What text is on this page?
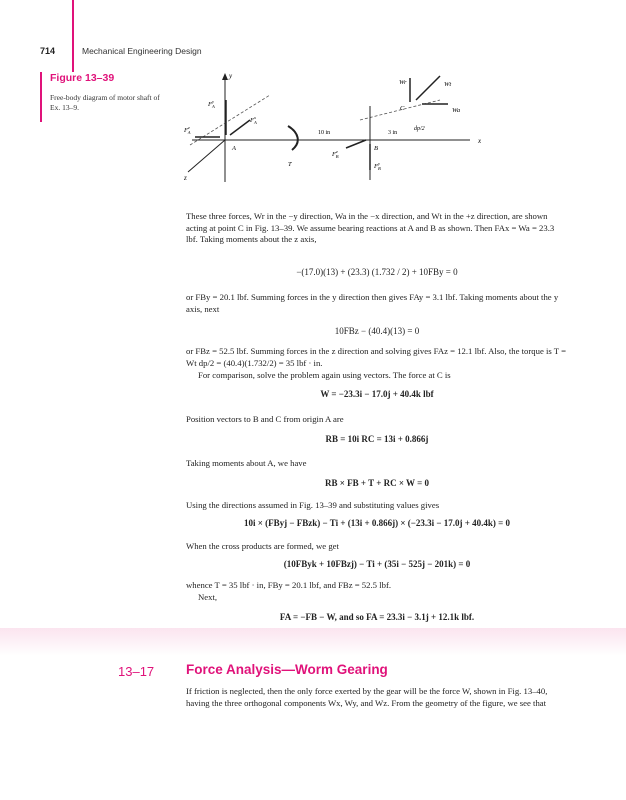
714	Mechanical Engineering Design
Figure 13–39
Free-body diagram of motor shaft of Ex. 13–9.
y
x
z
Wr	Wt
Wa
C
A	B
T
$F^y$ A
$F^x$ A
$F^z$ A
$F^z$ B
$F^y$ B
10 in	3 in
dp/2
These three forces, Wr in the −y direction, Wa in the −x direction, and Wt in the +z direction, are shown acting at point C in Fig. 13–39. We assume bearing reactions at A and B as shown. Then FAx = Wa = 23.3 lbf. Taking moments about the z axis,
−(17.0)(13) + (23.3) (1.732 / 2) + 10FBy = 0
or FBy = 20.1 lbf. Summing forces in the y direction then gives FAy = 3.1 lbf. Taking moments about the y axis, next
10FBz − (40.4)(13) = 0
or FBz = 52.5 lbf. Summing forces in the z direction and solving gives FAz = 12.1 lbf. Also, the torque is T = Wt dp/2 = (40.4)(1.732/2) = 35 lbf · in.
For comparison, solve the problem again using vectors. The force at C is
W = −23.3i − 17.0j + 40.4k lbf
Position vectors to B and C from origin A are
RB = 10i RC = 13i + 0.866j
Taking moments about A, we have
RB × FB + T + RC × W = 0
Using the directions assumed in Fig. 13–39 and substituting values gives
10i × (FByj − FBzk) − Ti + (13i + 0.866j) × (−23.3i − 17.0j + 40.4k) = 0
When the cross products are formed, we get
(10FByk + 10FBzj) − Ti + (35i − 525j − 201k) = 0
whence T = 35 lbf · in, FBy = 20.1 lbf, and FBz = 52.5 lbf.
Next,
FA = −FB − W, and so FA = 23.3i − 3.1j + 12.1k lbf.
13–17 Force Analysis—Worm Gearing
If friction is neglected, then the only force exerted by the gear will be the force W, shown in Fig. 13–40, having the three orthogonal components Wx, Wy, and Wz. From the geometry of the figure, we see that
